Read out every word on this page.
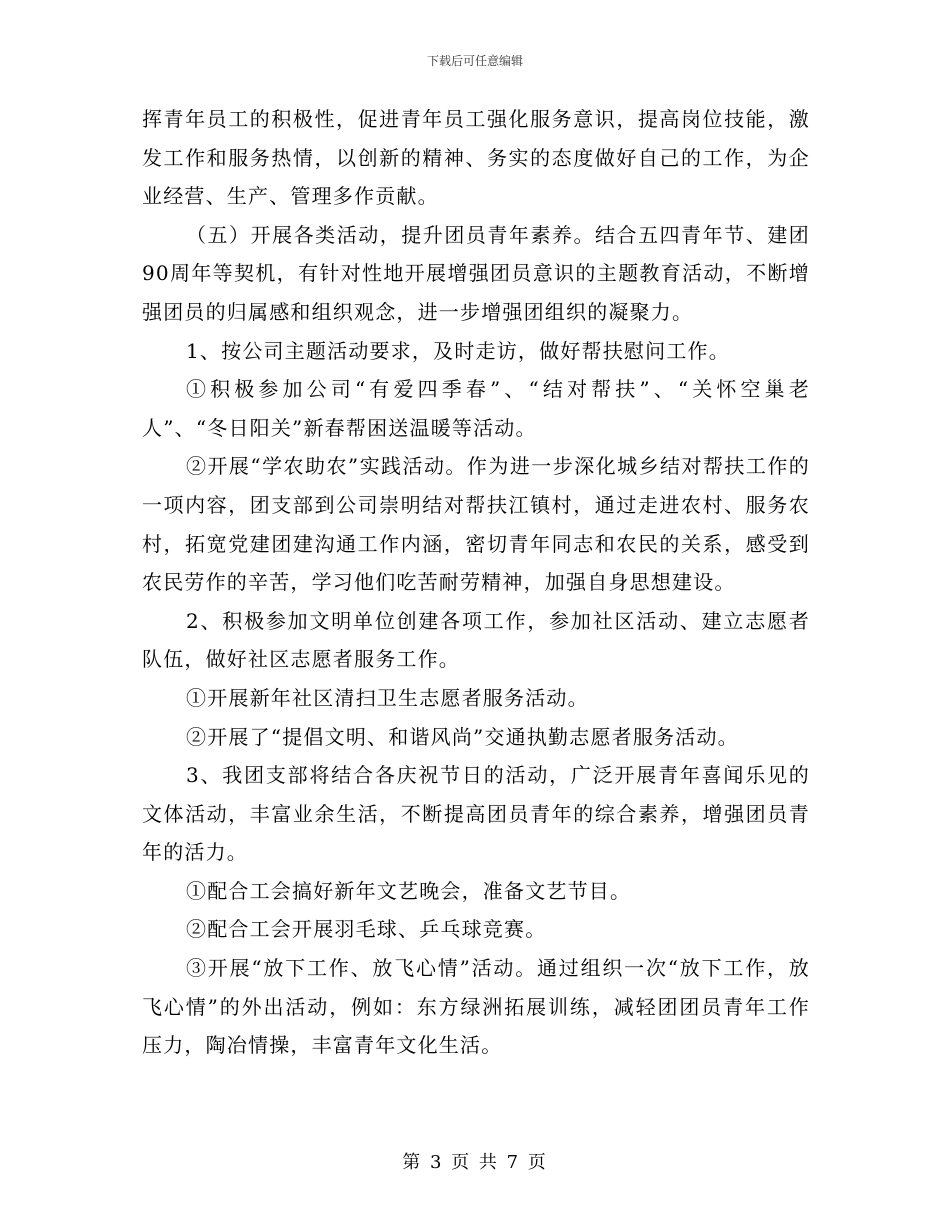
下载后可任意编辑

挥青年员工的积极性，促进青年员工强化服务意识，提高岗位技能，激发工作和服务热情，以创新的精神、务实的态度做好自己的工作，为企业经营、生产、管理多作贡献。

（五）开展各类活动，提升团员青年素养。结合五四青年节、建团90周年等契机，有针对性地开展增强团员意识的主题教育活动，不断增强团员的归属感和组织观念，进一步增强团组织的凝聚力。

1、按公司主题活动要求，及时走访，做好帮扶慰问工作。

①积极参加公司“有爱四季春”、“结对帮扶”、“关怀空巢老人”、“冬日阳关”新春帮困送温暖等活动。

②开展“学农助农”实践活动。作为进一步深化城乡结对帮扶工作的一项内容，团支部到公司崇明结对帮扶江镇村，通过走进农村、服务农村，拓宽党建团建沟通工作内涵，密切青年同志和农民的关系，感受到农民劳作的辛苦，学习他们吃苦耐劳精神，加强自身思想建设。

2、积极参加文明单位创建各项工作，参加社区活动、建立志愿者队伍，做好社区志愿者服务工作。

①开展新年社区清扫卫生志愿者服务活动。

②开展了“提倡文明、和谐风尚”交通执勤志愿者服务活动。

3、我团支部将结合各庆祝节日的活动，广泛开展青年喜闻乐见的文体活动，丰富业余生活，不断提高团员青年的综合素养，增强团员青年的活力。

①配合工会搞好新年文艺晚会，准备文艺节目。

②配合工会开展羽毛球、乒乓球竞赛。

③开展“放下工作、放飞心情”活动。通过组织一次“放下工作，放飞心情”的外出活动，例如：东方绿洲拓展训练，减轻团团员青年工作压力，陶冶情操，丰富青年文化生活。

第 3 页 共 7 页
